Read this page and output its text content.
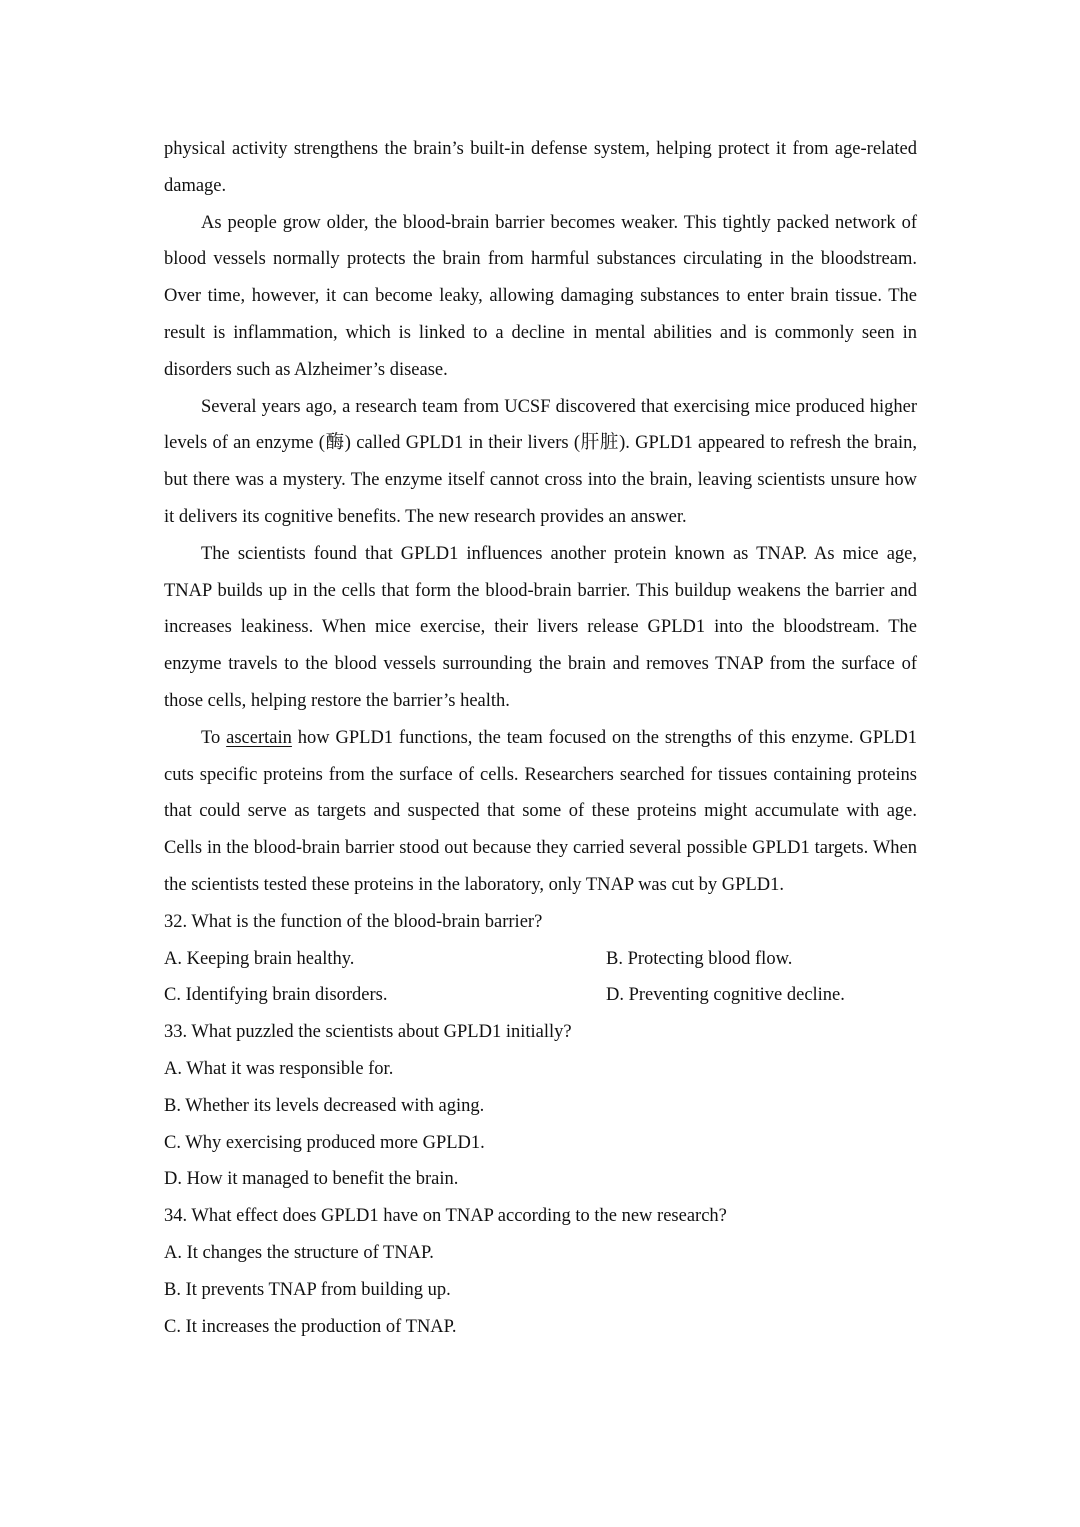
physical activity strengthens the brain’s built-in defense system, helping protect it from age-related damage.

As people grow older, the blood-brain barrier becomes weaker. This tightly packed network of blood vessels normally protects the brain from harmful substances circulating in the bloodstream. Over time, however, it can become leaky, allowing damaging substances to enter brain tissue. The result is inflammation, which is linked to a decline in mental abilities and is commonly seen in disorders such as Alzheimer’s disease.

Several years ago, a research team from UCSF discovered that exercising mice produced higher levels of an enzyme (酶) called GPLD1 in their livers (肝脏). GPLD1 appeared to refresh the brain, but there was a mystery. The enzyme itself cannot cross into the brain, leaving scientists unsure how it delivers its cognitive benefits. The new research provides an answer.

The scientists found that GPLD1 influences another protein known as TNAP. As mice age, TNAP builds up in the cells that form the blood-brain barrier. This buildup weakens the barrier and increases leakiness. When mice exercise, their livers release GPLD1 into the bloodstream. The enzyme travels to the blood vessels surrounding the brain and removes TNAP from the surface of those cells, helping restore the barrier’s health.

To ascertain how GPLD1 functions, the team focused on the strengths of this enzyme. GPLD1 cuts specific proteins from the surface of cells. Researchers searched for tissues containing proteins that could serve as targets and suspected that some of these proteins might accumulate with age. Cells in the blood-brain barrier stood out because they carried several possible GPLD1 targets. When the scientists tested these proteins in the laboratory, only TNAP was cut by GPLD1.

32. What is the function of the blood-brain barrier?

A. Keeping brain healthy.	B. Protecting blood flow.
C. Identifying brain disorders.	D. Preventing cognitive decline.

33. What puzzled the scientists about GPLD1 initially?

A. What it was responsible for.

B. Whether its levels decreased with aging.

C. Why exercising produced more GPLD1.

D. How it managed to benefit the brain.

34. What effect does GPLD1 have on TNAP according to the new research?

A. It changes the structure of TNAP.

B. It prevents TNAP from building up.

C. It increases the production of TNAP.
